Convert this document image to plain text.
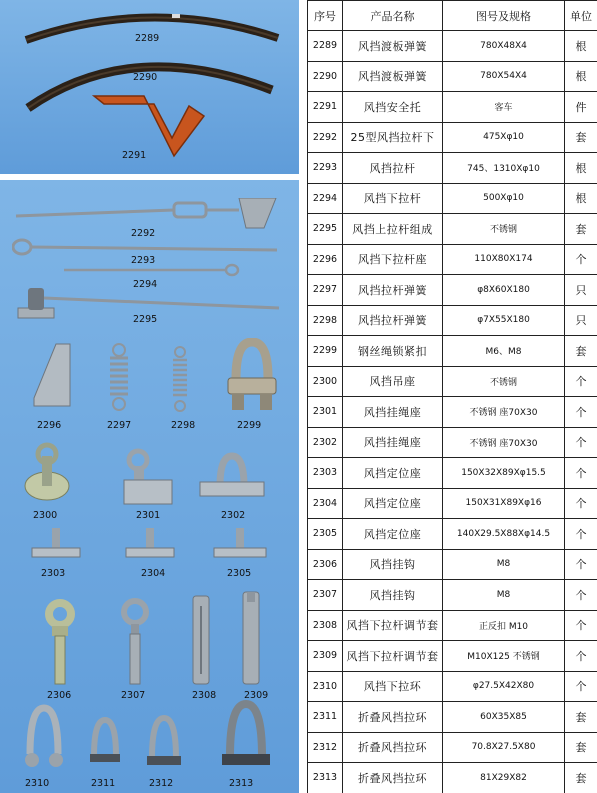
2289
2290
2291
2292
2293
2294
2295
2296	2297	2298	2299
2300	2301	2302
2303	2304	2305
2306	2307	2308	2309
2310	2311	2312	2313
序号	产品名称	图号及规格	单位
2289	风挡渡板弹簧	780X48X4	根
2290	风挡渡板弹簧	780X54X4	根
2291	风挡安全托	客车	件
2292	25型风挡拉杆下	475Xφ10	套
2293	风挡拉杆	745、1310Xφ10	根
2294	风挡下拉杆	500Xφ10	根
2295	风挡上拉杆组成	不锈钢	套
2296	风挡下拉杆座	110X80X174	个
2297	风挡拉杆弹簧	φ8X60X180	只
2298	风挡拉杆弹簧	φ7X55X180	只
2299	钢丝绳锁紧扣	M6、M8	套
2300	风挡吊座	不锈钢	个
2301	风挡挂绳座	不锈钢 座70X30	个
2302	风挡挂绳座	不锈钢 座70X30	个
2303	风挡定位座	150X32X89Xφ15.5	个
2304	风挡定位座	150X31X89Xφ16	个
2305	风挡定位座	140X29.5X88Xφ14.5	个
2306	风挡挂钩	M8	个
2307	风挡挂钩	M8	个
2308	风挡下拉杆调节套	正反扣 M10	个
2309	风挡下拉杆调节套	M10X125 不锈钢	个
2310	风挡下拉环	φ27.5X42X80	个
2311	折叠风挡拉环	60X35X85	套
2312	折叠风挡拉环	70.8X27.5X80	套
2313	折叠风挡拉环	81X29X82	套
